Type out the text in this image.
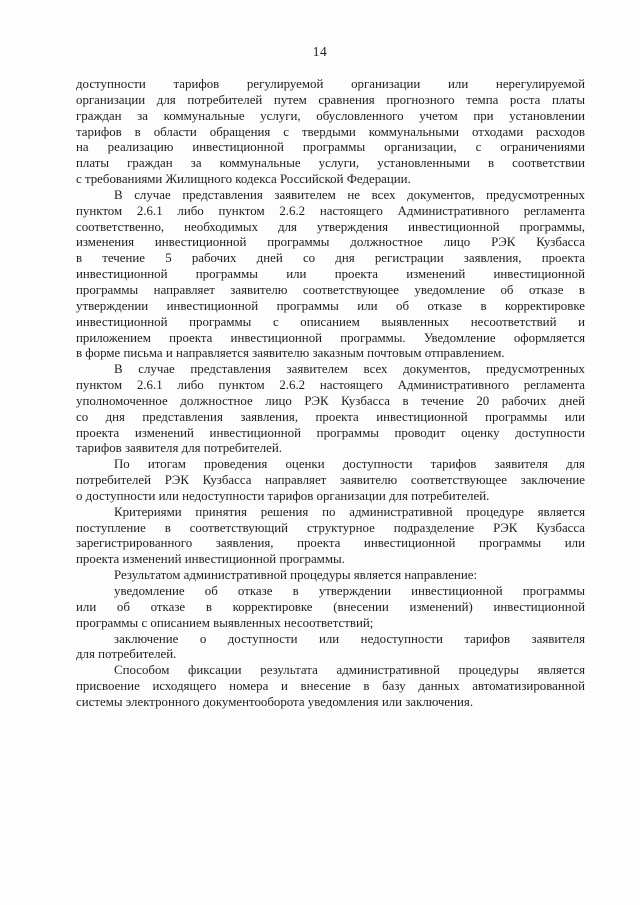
14
доступности тарифов регулируемой организации или нерегулируемой
организации для потребителей путем сравнения прогнозного темпа роста платы
граждан за коммунальные услуги, обусловленного учетом при установлении
тарифов в области обращения с твердыми коммунальными отходами расходов
на реализацию инвестиционной программы организации, с ограничениями
платы граждан за коммунальные услуги, установленными в соответствии
с требованиями Жилищного кодекса Российской Федерации.
В случае представления заявителем не всех документов, предусмотренных
пунктом 2.6.1 либо пунктом 2.6.2 настоящего Административного регламента
соответственно, необходимых для утверждения инвестиционной программы,
изменения инвестиционной программы должностное лицо РЭК Кузбасса
в течение 5 рабочих дней со дня регистрации заявления, проекта
инвестиционной программы или проекта изменений инвестиционной
программы направляет заявителю соответствующее уведомление об отказе в
утверждении инвестиционной программы или об отказе в корректировке
инвестиционной программы с описанием выявленных несоответствий и
приложением проекта инвестиционной программы. Уведомление оформляется
в форме письма и направляется заявителю заказным почтовым отправлением.
В случае представления заявителем всех документов, предусмотренных
пунктом 2.6.1 либо пунктом 2.6.2 настоящего Административного регламента
уполномоченное должностное лицо РЭК Кузбасса в течение 20 рабочих дней
со дня представления заявления, проекта инвестиционной программы или
проекта изменений инвестиционной программы проводит оценку доступности
тарифов заявителя для потребителей.
По итогам проведения оценки доступности тарифов заявителя для
потребителей РЭК Кузбасса направляет заявителю соответствующее заключение
о доступности или недоступности тарифов организации для потребителей.
Критериями принятия решения по административной процедуре является
поступление в соответствующий структурное подразделение РЭК Кузбасса
зарегистрированного заявления, проекта инвестиционной программы или
проекта изменений инвестиционной программы.
Результатом административной процедуры является направление:
уведомление об отказе в утверждении инвестиционной программы
или об отказе в корректировке (внесении изменений) инвестиционной
программы с описанием выявленных несоответствий;
заключение о доступности или недоступности тарифов заявителя
для потребителей.
Способом фиксации результата административной процедуры является
присвоение исходящего номера и внесение в базу данных автоматизированной
системы электронного документооборота уведомления или заключения.
